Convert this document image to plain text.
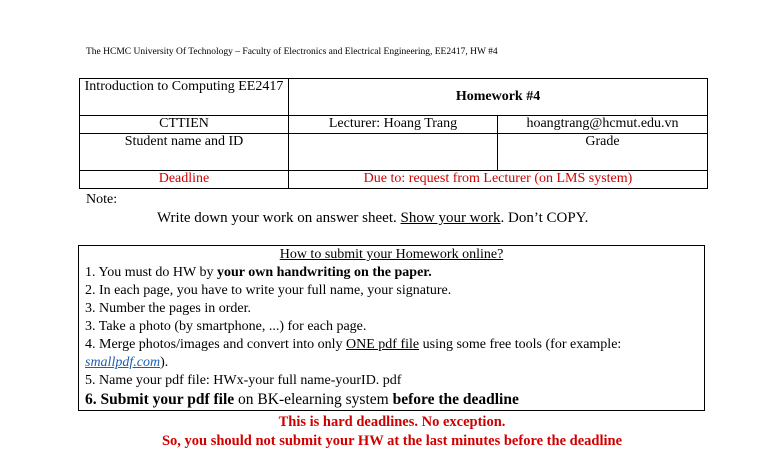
The HCMC University Of Technology – Faculty of Electronics and Electrical Engineering, EE2417, HW #4
Introduction to Computing EE2417	Homework #4	
CTTIEN	Lecturer: Hoang Trang	hoangtrang@hcmut.edu.vn
Student name and ID		Grade
Deadline	Due to: request from Lecturer (on LMS system)	
Note:
Write down your work on answer sheet. Show your work. Don’t COPY.
How to submit your Homework online?
1. You must do HW by your own handwriting on the paper.
2. In each page, you have to write your full name, your signature.
3. Number the pages in order.
3. Take a photo (by smartphone, ...) for each page.
4. Merge photos/images and convert into only ONE pdf file using some free tools (for example: smallpdf.com).
5. Name your pdf file: HWx-your full name-yourID. pdf
6. Submit your pdf file on BK-elearning system before the deadline
This is hard deadlines. No exception.
So, you should not submit your HW at the last minutes before the deadline
